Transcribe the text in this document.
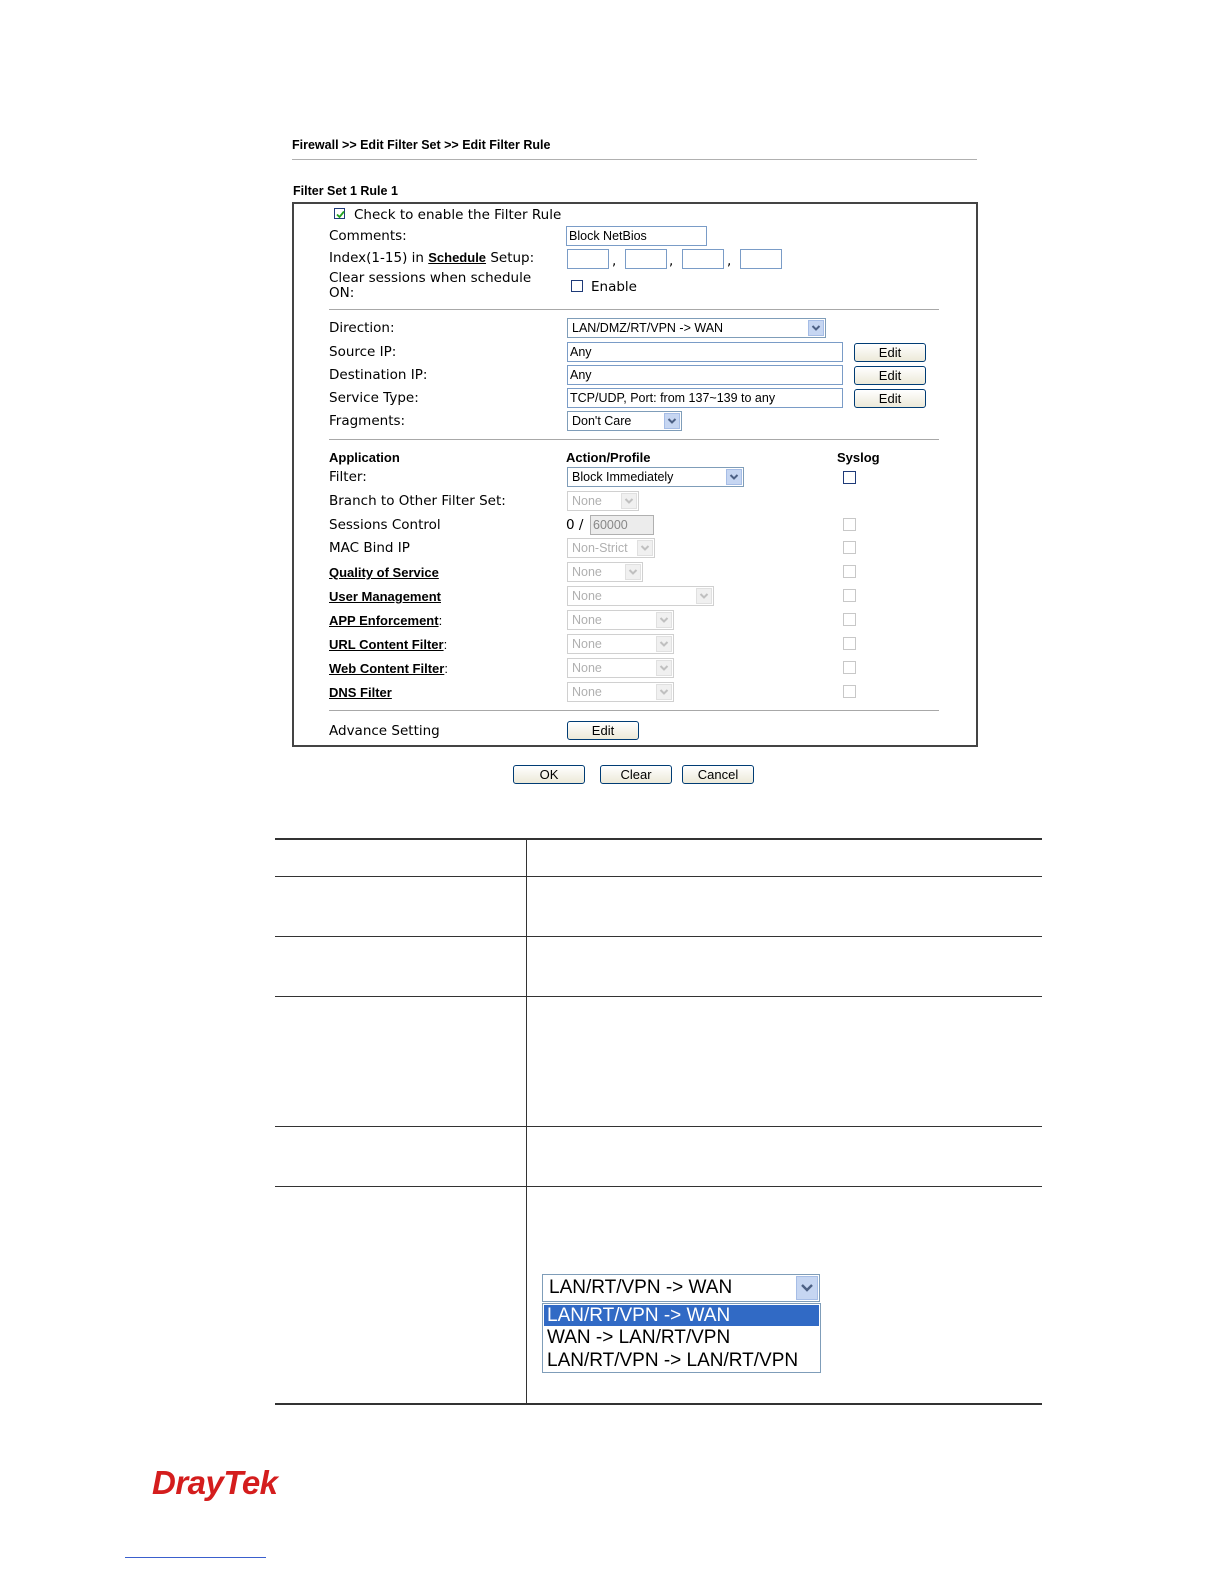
Firewall >> Edit Filter Set >> Edit Filter Rule
Filter Set 1 Rule 1
Check to enable the Filter Rule
Comments:	Block NetBios
Index(1-15) in Schedule Setup:	,	,	,
Clear sessions when schedule
ON:	Enable
Direction:	LAN/DMZ/RT/VPN -> WAN
Source IP:	Any	Edit
Destination IP:	Any	Edit
Service Type:	TCP/UDP, Port: from 137~139 to any	Edit
Fragments:	Don't Care
Application	Action/Profile	Syslog
Filter:	Block Immediately
Branch to Other Filter Set:	None
Sessions Control	0 / 60000
MAC Bind IP	Non-Strict
Quality of Service	None
User Management	None
APP Enforcement:	None
URL Content Filter:	None
Web Content Filter:	None
DNS Filter	None
Advance Setting	Edit
OK	Clear	Cancel
LAN/RT/VPN -> WAN
LAN/RT/VPN -> WAN
WAN -> LAN/RT/VPN
LAN/RT/VPN -> LAN/RT/VPN
DrayTek
